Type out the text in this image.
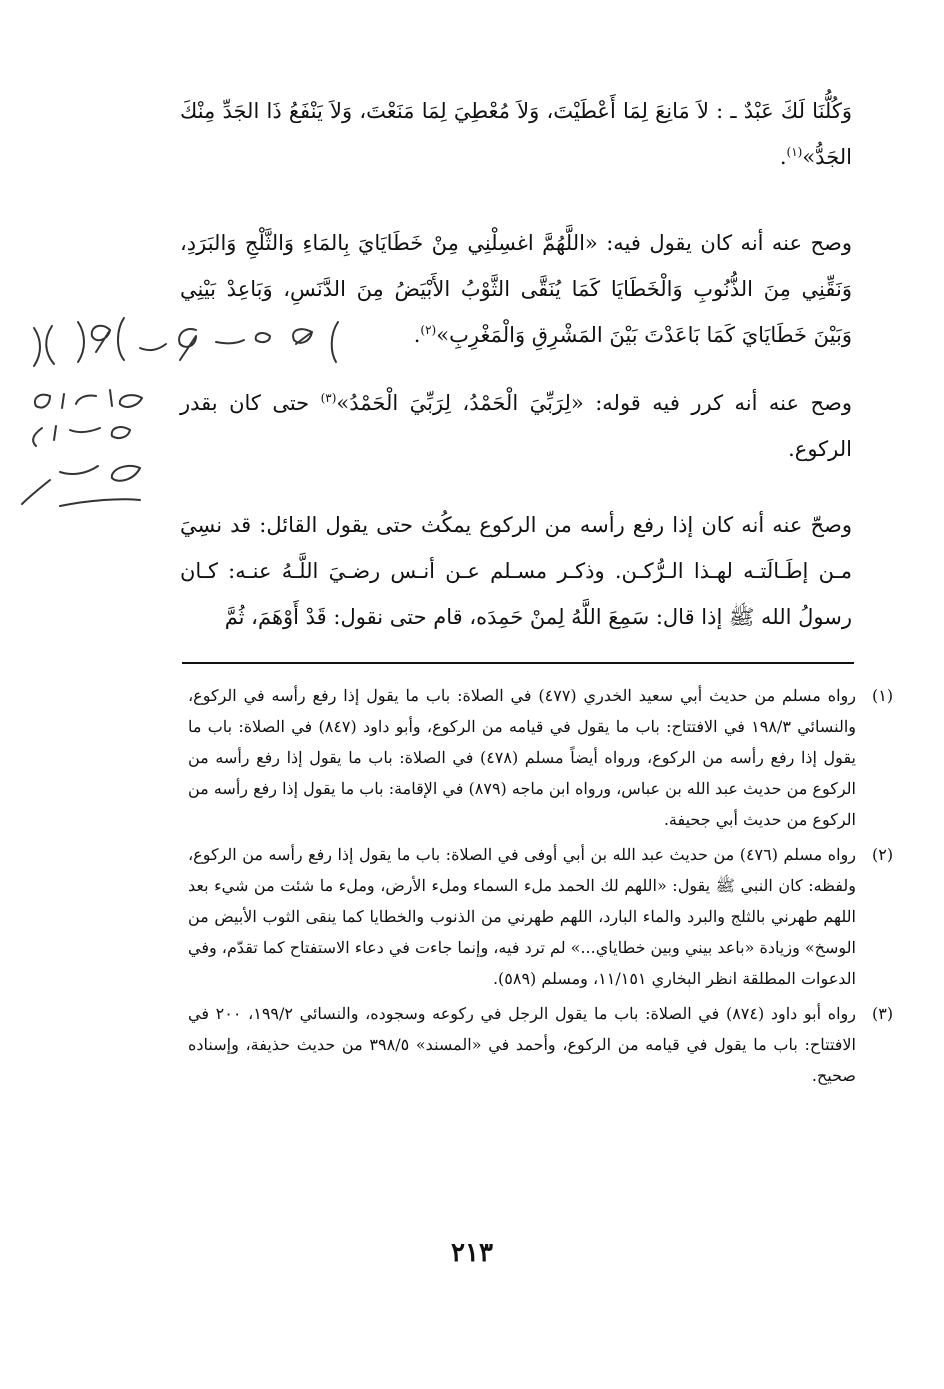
وَكُلُّنَا لَكَ عَبْدٌ ـ : لاَ مَانِعَ لِمَا أَعْطَيْتَ، وَلاَ مُعْطِيَ لِمَا مَنَعْتَ، وَلاَ يَنْفَعُ ذَا الجَدِّ مِنْكَ الجَدُّ»$^{(١)}$.

وصح عنه أنه كان يقول فيه: «اللَّهُمَّ اغسِلْنِي مِنْ خَطَايَايَ بِالمَاءِ وَالثَّلْجِ وَالبَرَدِ، وَنَقِّنِي مِنَ الذُّنُوبِ وَالْخَطَايَا كَمَا يُنَقَّى الثَّوْبُ الأَبْيَضُ مِنَ الدَّنَسِ، وَبَاعِدْ بَيْنِي وَبَيْنَ خَطَايَايَ كَمَا بَاعَدْتَ بَيْنَ المَشْرِقِ وَالْمَغْرِبِ»$^{(٢)}$.

وصح عنه أنه كرر فيه قوله: «لِرَبِّيَ الْحَمْدُ، لِرَبِّيَ الْحَمْدُ»$^{(٣)}$ حتى كان بقدر الركوع.

وصحّ عنه أنه كان إذا رفع رأسه من الركوع يمكُث حتى يقول القائل: قد نسِيَ مـن إطَـالَتـه لهـذا الـرُّكـن. وذكـر مسـلم عـن أنـس رضـيَ اللَّـهُ عنـه: كـان رسولُ الله ﷺ إذا قال: سَمِعَ اللَّهُ لِمنْ حَمِدَه، قام حتى نقول: قَدْ أَوْهَمَ، ثُمَّ

(١)
رواه مسلم من حديث أبي سعيد الخدري (٤٧٧) في الصلاة: باب ما يقول إذا رفع رأسه في الركوع، والنسائي ١٩٨/٣ في الافتتاح: باب ما يقول في قيامه من الركوع، وأبو داود (٨٤٧) في الصلاة: باب ما يقول إذا رفع رأسه من الركوع، ورواه أيضاً مسلم (٤٧٨) في الصلاة: باب ما يقول إذا رفع رأسه من الركوع من حديث عبد الله بن عباس، ورواه ابن ماجه (٨٧٩) في الإقامة: باب ما يقول إذا رفع رأسه من الركوع من حديث أبي جحيفة.
(٢)
رواه مسلم (٤٧٦) من حديث عبد الله بن أبي أوفى في الصلاة: باب ما يقول إذا رفع رأسه من الركوع، ولفظه: كان النبي ﷺ يقول: «اللهم لك الحمد ملء السماء وملء الأرض، وملء ما شئت من شيء بعد اللهم طهرني بالثلج والبرد والماء البارد، اللهم طهرني من الذنوب والخطايا كما ينقى الثوب الأبيض من الوسخ» وزيادة «باعد بيني وبين خطاياي...» لم ترد فيه، وإنما جاءت في دعاء الاستفتاح كما تقدّم، وفي الدعوات المطلقة انظر البخاري ١١/١٥١، ومسلم (٥٨٩).
(٣)
رواه أبو داود (٨٧٤) في الصلاة: باب ما يقول الرجل في ركوعه وسجوده، والنسائي ١٩٩/٢، ٢٠٠ في الافتتاح: باب ما يقول في قيامه من الركوع، وأحمد في «المسند» ٣٩٨/٥ من حديث حذيفة، وإسناده صحيح.
٢١٣
